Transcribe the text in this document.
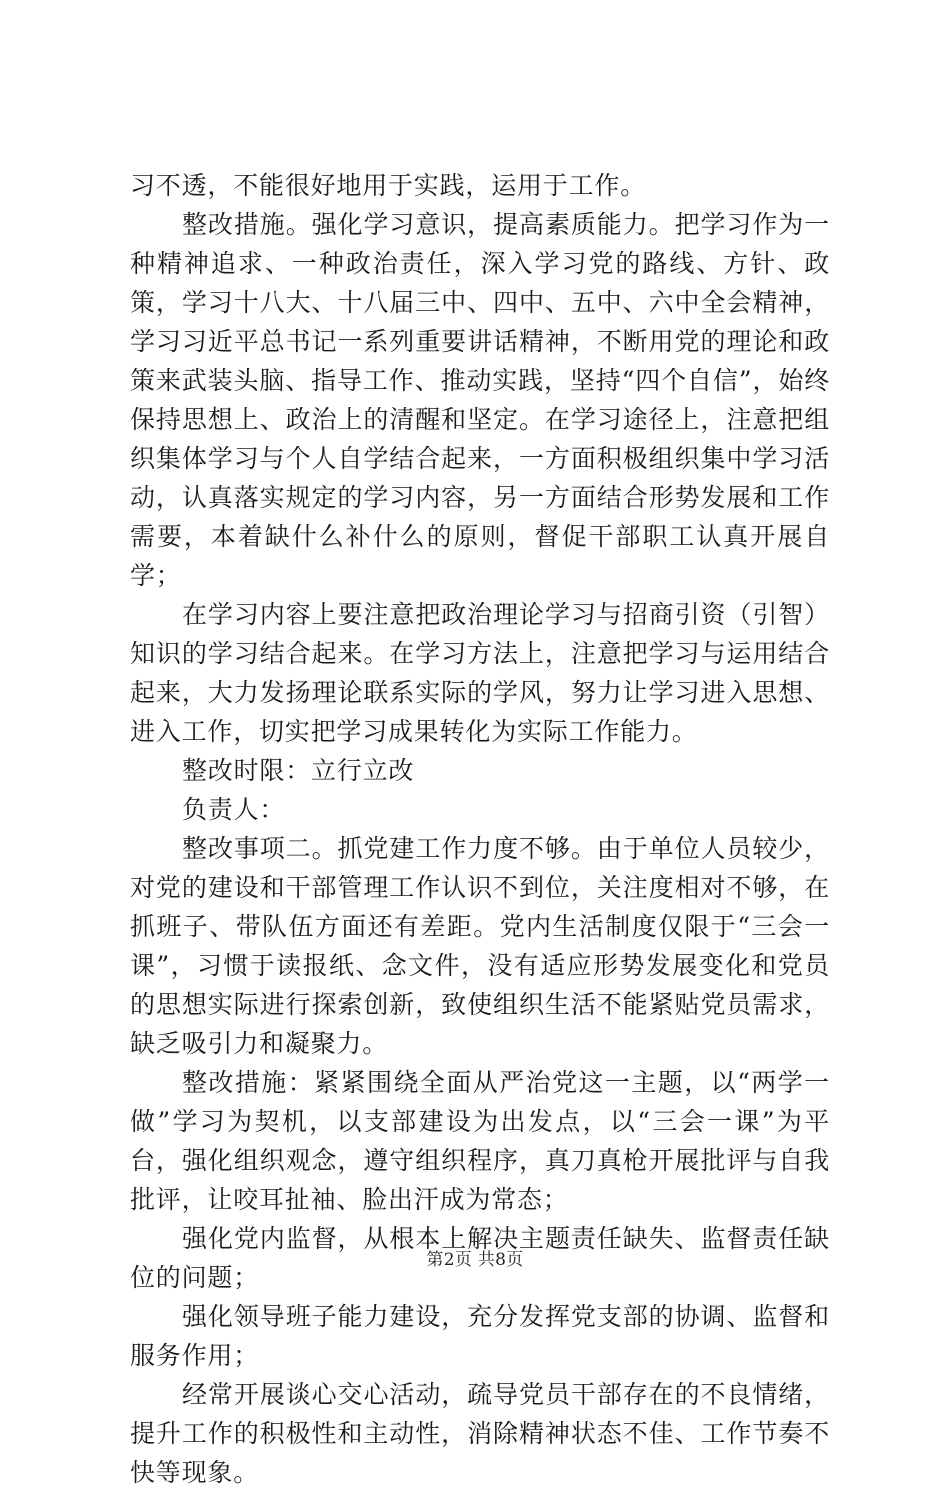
习不透，不能很好地用于实践，运用于工作。

整改措施。强化学习意识，提高素质能力。把学习作为一种精神追求、一种政治责任，深入学习党的路线、方针、政策，学习十八大、十八届三中、四中、五中、六中全会精神，学习习近平总书记一系列重要讲话精神，不断用党的理论和政策来武装头脑、指导工作、推动实践，坚持“四个自信”，始终保持思想上、政治上的清醒和坚定。在学习途径上，注意把组织集体学习与个人自学结合起来，一方面积极组织集中学习活动，认真落实规定的学习内容，另一方面结合形势发展和工作需要，本着缺什么补什么的原则，督促干部职工认真开展自学；

在学习内容上要注意把政治理论学习与招商引资（引智）知识的学习结合起来。在学习方法上，注意把学习与运用结合起来，大力发扬理论联系实际的学风，努力让学习进入思想、进入工作，切实把学习成果转化为实际工作能力。

整改时限：立行立改

负责人：

整改事项二。抓党建工作力度不够。由于单位人员较少，对党的建设和干部管理工作认识不到位，关注度相对不够，在抓班子、带队伍方面还有差距。党内生活制度仅限于“三会一课”，习惯于读报纸、念文件，没有适应形势发展变化和党员的思想实际进行探索创新，致使组织生活不能紧贴党员需求，缺乏吸引力和凝聚力。

整改措施：紧紧围绕全面从严治党这一主题，以“两学一做”学习为契机，以支部建设为出发点，以“三会一课”为平台，强化组织观念，遵守组织程序，真刀真枪开展批评与自我批评，让咬耳扯袖、脸出汗成为常态；

强化党内监督，从根本上解决主题责任缺失、监督责任缺位的问题；

强化领导班子能力建设，充分发挥党支部的协调、监督和服务作用；

经常开展谈心交心活动，疏导党员干部存在的不良情绪，提升工作的积极性和主动性，消除精神状态不佳、工作节奏不快等现象。

第2页 共8页
